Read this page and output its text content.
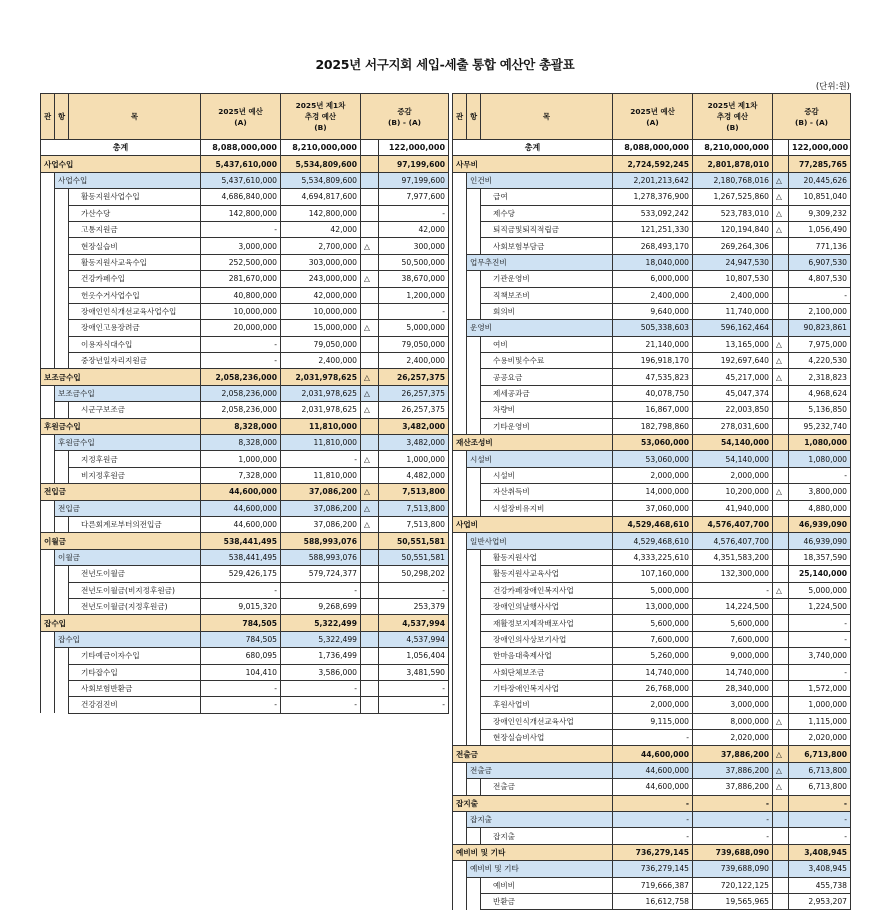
2025년 서구지회 세입-세출 통합 예산안 총괄표
(단위:원)
관	항	목	2025년 예산
(A)	2025년 제1차
추경 예산
(B)	증감
(B) - (A)	
총계			8,088,000,000	8,210,000,000		122,000,000
사업수입			5,437,610,000	5,534,809,600		97,199,600
	사업수입		5,437,610,000	5,534,809,600		97,199,600
		활동지원사업수입	4,686,840,000	4,694,817,600		7,977,600
		가산수당	142,800,000	142,800,000		-
		고통지원금	-	42,000		42,000
		현장실습비	3,000,000	2,700,000	△	300,000
		활동지원사교육수입	252,500,000	303,000,000		50,500,000
		건강카페수입	281,670,000	243,000,000	△	38,670,000
		헌옷수거사업수입	40,800,000	42,000,000		1,200,000
		장애인인식개선교육사업수입	10,000,000	10,000,000		-
		장애인고용장려금	20,000,000	15,000,000	△	5,000,000
		이용자식대수입	-	79,050,000		79,050,000
		중장년일자리지원금	-	2,400,000		2,400,000
보조금수입			2,058,236,000	2,031,978,625	△	26,257,375
	보조금수입		2,058,236,000	2,031,978,625	△	26,257,375
		시군구보조금	2,058,236,000	2,031,978,625	△	26,257,375
후원금수입			8,328,000	11,810,000		3,482,000
	후원금수입		8,328,000	11,810,000		3,482,000
		지정후원금	1,000,000	-	△	1,000,000
		비지정후원금	7,328,000	11,810,000		4,482,000
전입금			44,600,000	37,086,200	△	7,513,800
	전입금		44,600,000	37,086,200	△	7,513,800
		다른회계로부터의전입금	44,600,000	37,086,200	△	7,513,800
이월금			538,441,495	588,993,076		50,551,581
	이월금		538,441,495	588,993,076		50,551,581
		전년도이월금	529,426,175	579,724,377		50,298,202
		전년도이월금(비지정후원금)	-	-		-
		전년도이월금(지정후원금)	9,015,320	9,268,699		253,379
잡수입			784,505	5,322,499		4,537,994
	잡수입		784,505	5,322,499		4,537,994
		기타예금이자수입	680,095	1,736,499		1,056,404
		기타잡수입	104,410	3,586,000		3,481,590
		사회보험반환금	-	-		-
		건강검진비	-	-		-
관	항	목	2025년 예산
(A)	2025년 제1차
추경 예산
(B)	증감
(B) - (A)	
총계			8,088,000,000	8,210,000,000		122,000,000
사무비			2,724,592,245	2,801,878,010		77,285,765
	인건비		2,201,213,642	2,180,768,016	△	20,445,626
		급여	1,278,376,900	1,267,525,860	△	10,851,040
		제수당	533,092,242	523,783,010	△	9,309,232
		퇴직금및퇴직적립금	121,251,330	120,194,840	△	1,056,490
		사회보험부담금	268,493,170	269,264,306		771,136
	업무추진비		18,040,000	24,947,530		6,907,530
		기관운영비	6,000,000	10,807,530		4,807,530
		직책보조비	2,400,000	2,400,000		-
		회의비	9,640,000	11,740,000		2,100,000
	운영비		505,338,603	596,162,464		90,823,861
		여비	21,140,000	13,165,000	△	7,975,000
		수용비및수수료	196,918,170	192,697,640	△	4,220,530
		공공요금	47,535,823	45,217,000	△	2,318,823
		제세공과금	40,078,750	45,047,374		4,968,624
		차량비	16,867,000	22,003,850		5,136,850
		기타운영비	182,798,860	278,031,600		95,232,740
재산조성비			53,060,000	54,140,000		1,080,000
	시설비		53,060,000	54,140,000		1,080,000
		시설비	2,000,000	2,000,000		-
		자산취득비	14,000,000	10,200,000	△	3,800,000
		시설장비유지비	37,060,000	41,940,000		4,880,000
사업비			4,529,468,610	4,576,407,700		46,939,090
	일반사업비		4,529,468,610	4,576,407,700		46,939,090
		활동지원사업	4,333,225,610	4,351,583,200		18,357,590
		활동지원사교육사업	107,160,000	132,300,000		25,140,000
		건강카페장애인복지사업	5,000,000	-	△	5,000,000
		장애인의날행사사업	13,000,000	14,224,500		1,224,500
		재활정보지제작배포사업	5,600,000	5,600,000		-
		장애인의사상보기사업	7,600,000	7,600,000		-
		한마음대축제사업	5,260,000	9,000,000		3,740,000
		사회단체보조금	14,740,000	14,740,000		-
		기타장애인복지사업	26,768,000	28,340,000		1,572,000
		후원사업비	2,000,000	3,000,000		1,000,000
		장애인인식개선교육사업	9,115,000	8,000,000	△	1,115,000
		현장실습비사업	-	2,020,000		2,020,000
전출금			44,600,000	37,886,200	△	6,713,800
	전출금		44,600,000	37,886,200	△	6,713,800
		전출금	44,600,000	37,886,200	△	6,713,800
잡지출			-	-		-
	잡지출		-	-		-
		잡지출	-	-		-
예비비 및 기타			736,279,145	739,688,090		3,408,945
	예비비 및 기타		736,279,145	739,688,090		3,408,945
		예비비	719,666,387	720,122,125		455,738
		반환금	16,612,758	19,565,965		2,953,207
